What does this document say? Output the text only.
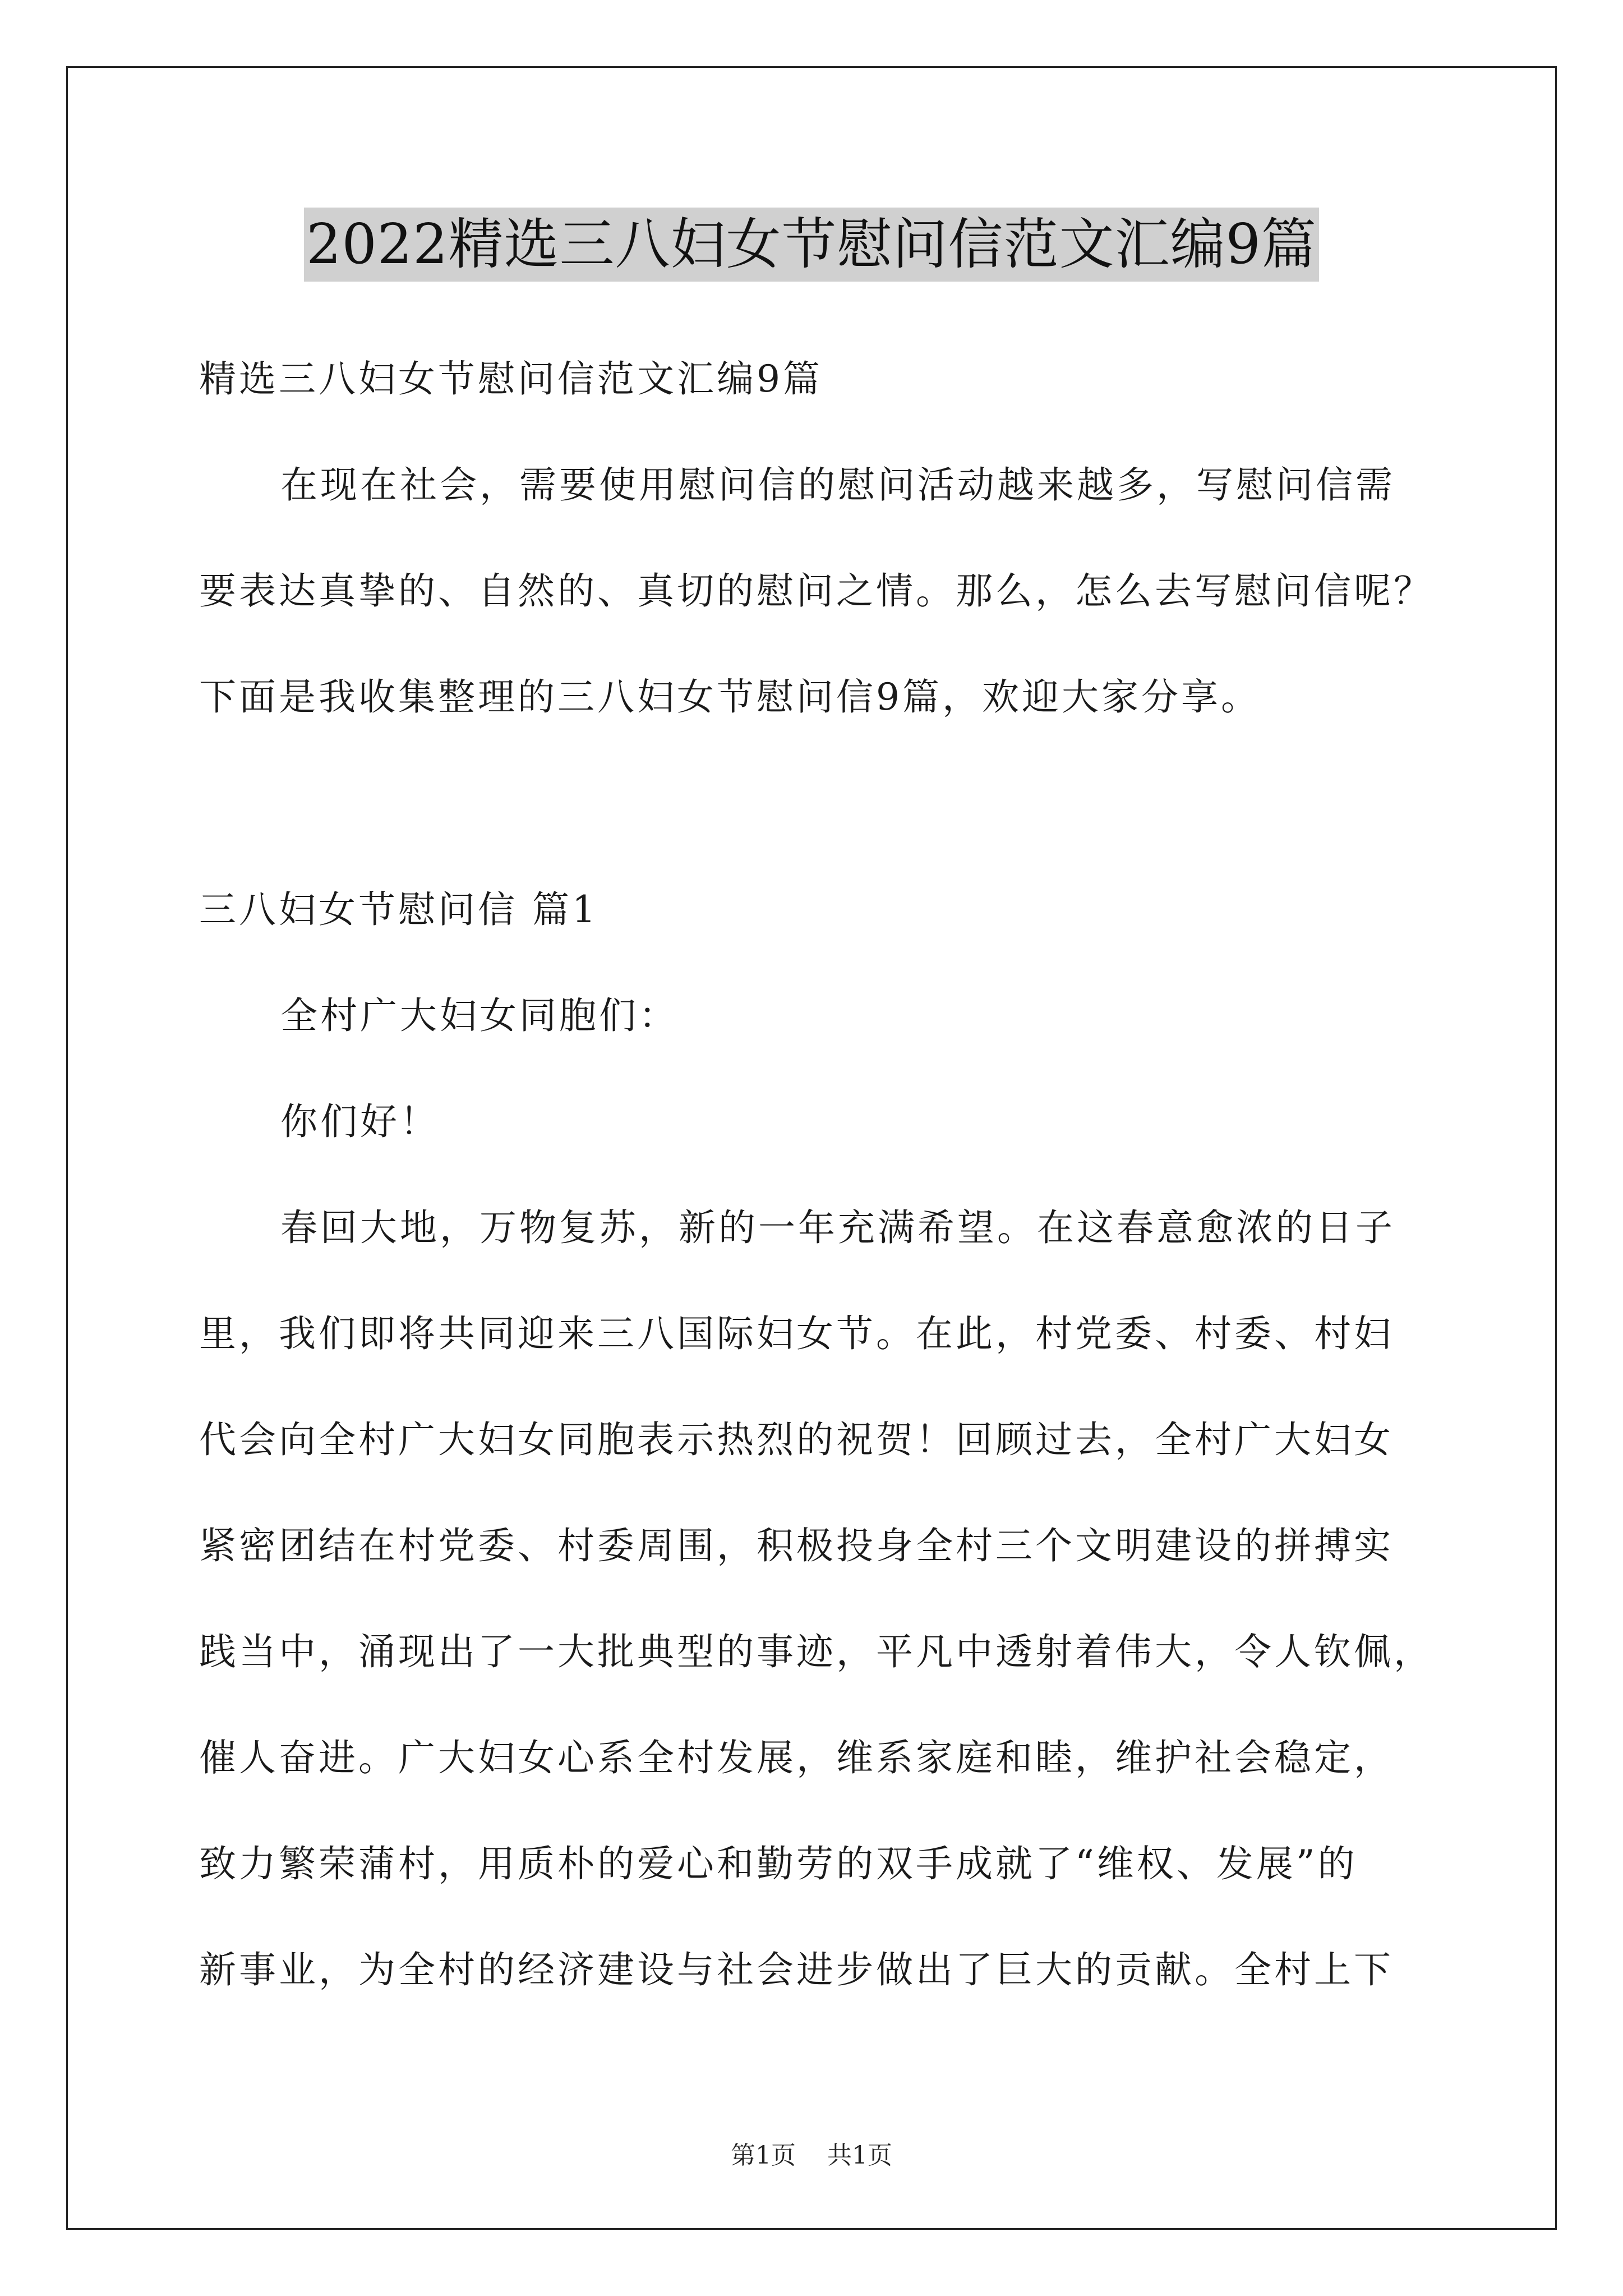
2022精选三八妇女节慰问信范文汇编9篇
精选三八妇女节慰问信范文汇编9篇
在现在社会，需要使用慰问信的慰问活动越来越多，写慰问信需
要表达真挚的、自然的、真切的慰问之情。那么，怎么去写慰问信呢？
下面是我收集整理的三八妇女节慰问信9篇，欢迎大家分享。
三八妇女节慰问信 篇1
全村广大妇女同胞们：
你们好！
春回大地，万物复苏，新的一年充满希望。在这春意愈浓的日子
里，我们即将共同迎来三八国际妇女节。在此，村党委、村委、村妇
代会向全村广大妇女同胞表示热烈的祝贺！回顾过去，全村广大妇女
紧密团结在村党委、村委周围，积极投身全村三个文明建设的拼搏实
践当中，涌现出了一大批典型的事迹，平凡中透射着伟大，令人钦佩，
催人奋进。广大妇女心系全村发展，维系家庭和睦，维护社会稳定，
致力繁荣蒲村，用质朴的爱心和勤劳的双手成就了“维权、发展”的
新事业，为全村的经济建设与社会进步做出了巨大的贡献。全村上下
第1页 共1页
